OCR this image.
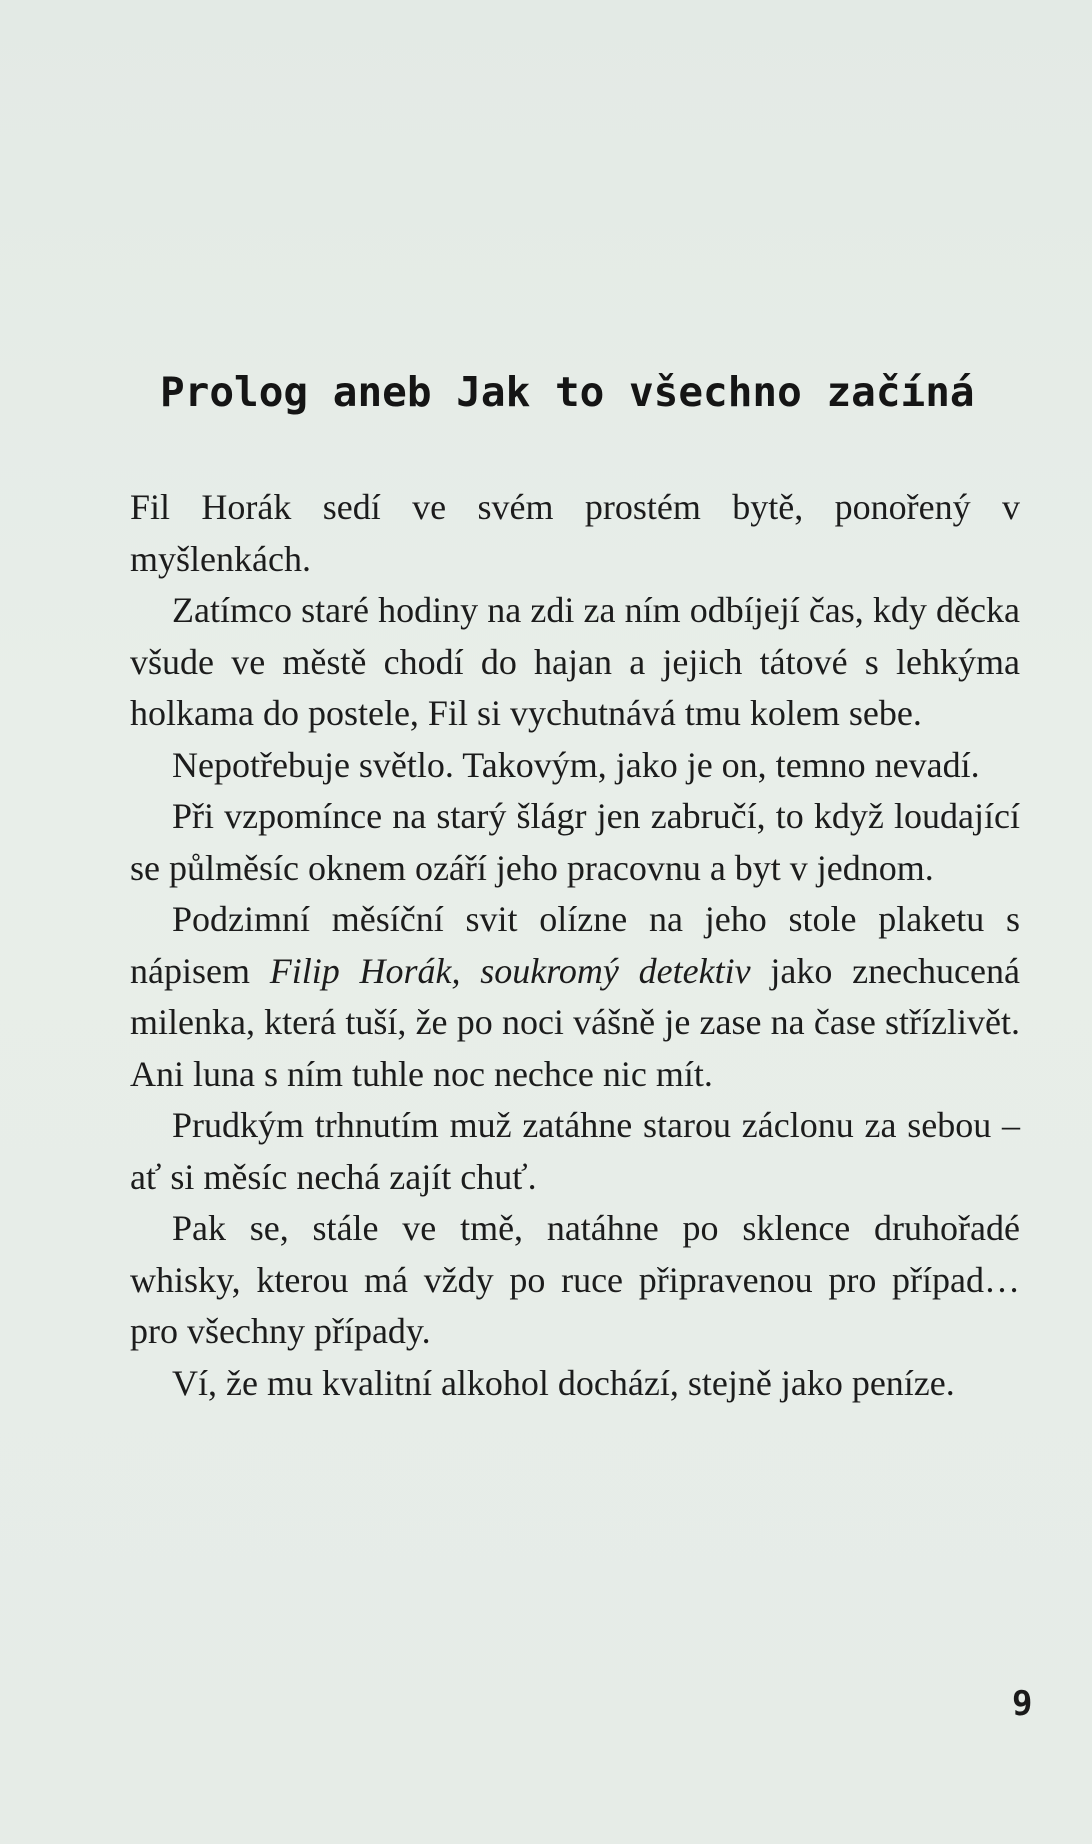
Prolog aneb Jak to všechno začíná

Fil Horák sedí ve svém prostém bytě, ponořený v myšlenkách.

Zatímco staré hodiny na zdi za ním odbíjejí čas, kdy děcka všude ve městě chodí do hajan a jejich tátové s lehkýma holkama do postele, Fil si vychutnává tmu kolem sebe.

Nepotřebuje světlo. Takovým, jako je on, temno nevadí.

Při vzpomínce na starý šlágr jen zabručí, to když loudající se půlměsíc oknem ozáří jeho pracovnu a byt v jednom.

Podzimní měsíční svit olízne na jeho stole plaketu s nápisem Filip Horák, soukromý detektiv jako znechucená milenka, která tuší, že po noci vášně je zase na čase střízlivět. Ani luna s ním tuhle noc nechce nic mít.

Prudkým trhnutím muž zatáhne starou záclonu za sebou – ať si měsíc nechá zajít chuť.

Pak se, stále ve tmě, natáhne po sklence druhořadé whisky, kterou má vždy po ruce připravenou pro případ… pro všechny případy.

Ví, že mu kvalitní alkohol dochází, stejně jako peníze.

9
